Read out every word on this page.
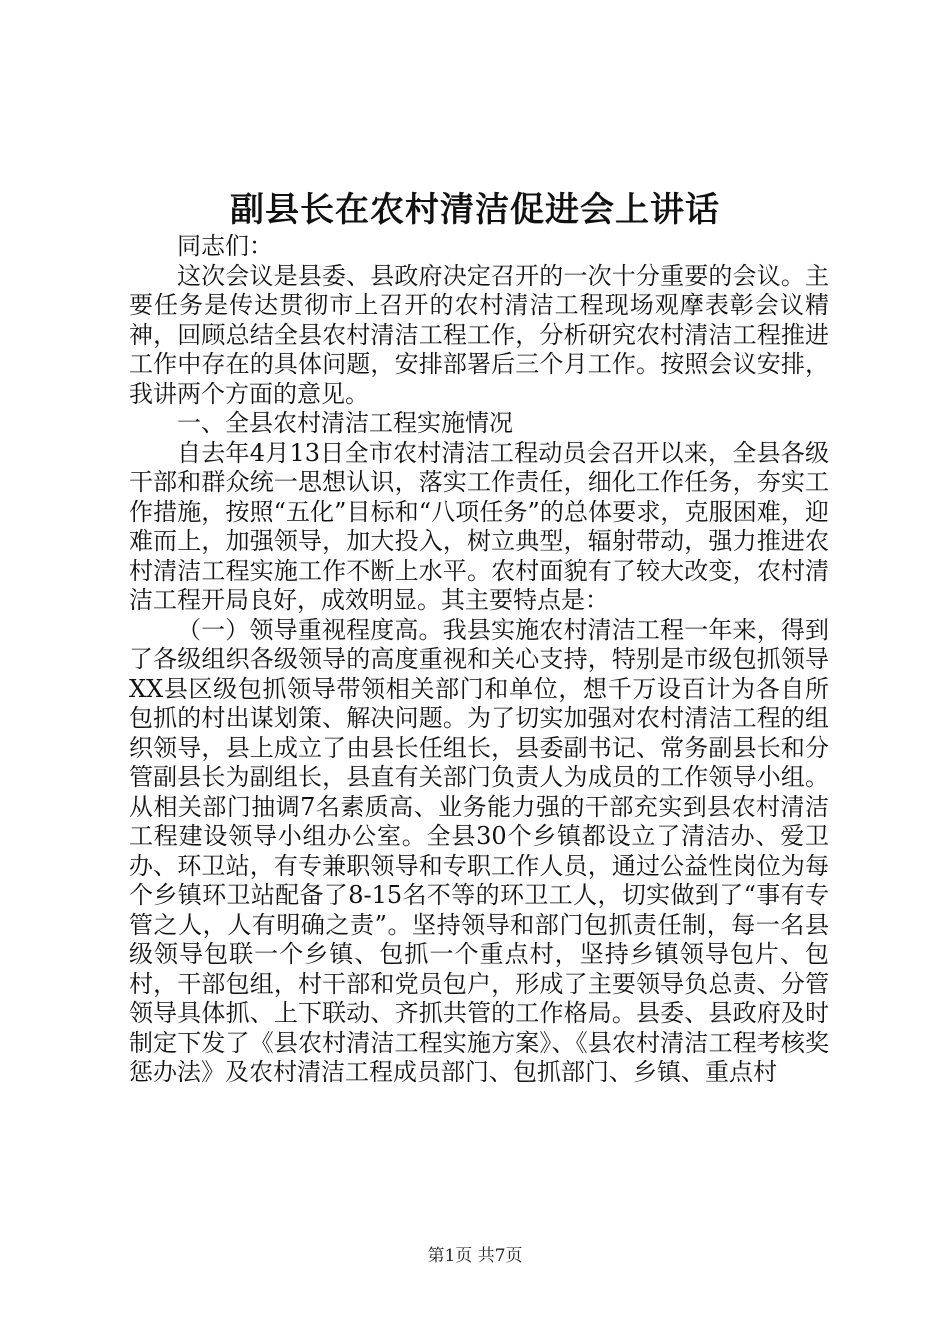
副县长在农村清洁促进会上讲话

同志们：

这次会议是县委、县政府决定召开的一次十分重要的会议。主要任务是传达贯彻市上召开的农村清洁工程现场观摩表彰会议精神，回顾总结全县农村清洁工程工作，分析研究农村清洁工程推进工作中存在的具体问题，安排部署后三个月工作。按照会议安排，我讲两个方面的意见。

一、全县农村清洁工程实施情况

自去年4月13日全市农村清洁工程动员会召开以来，全县各级干部和群众统一思想认识，落实工作责任，细化工作任务，夯实工作措施，按照“五化”目标和“八项任务”的总体要求，克服困难，迎难而上，加强领导，加大投入，树立典型，辐射带动，强力推进农村清洁工程实施工作不断上水平。农村面貌有了较大改变，农村清洁工程开局良好，成效明显。其主要特点是：

（一）领导重视程度高。我县实施农村清洁工程一年来，得到了各级组织各级领导的高度重视和关心支持，特别是市级包抓领导XX县区级包抓领导带领相关部门和单位，想千万设百计为各自所包抓的村出谋划策、解决问题。为了切实加强对农村清洁工程的组织领导，县上成立了由县长任组长，县委副书记、常务副县长和分管副县长为副组长，县直有关部门负责人为成员的工作领导小组。从相关部门抽调7名素质高、业务能力强的干部充实到县农村清洁工程建设领导小组办公室。全县30个乡镇都设立了清洁办、爱卫办、环卫站，有专兼职领导和专职工作人员，通过公益性岗位为每个乡镇环卫站配备了8-15名不等的环卫工人，切实做到了“事有专管之人，人有明确之责”。坚持领导和部门包抓责任制，每一名县级领导包联一个乡镇、包抓一个重点村，坚持乡镇领导包片、包村，干部包组，村干部和党员包户，形成了主要领导负总责、分管领导具体抓、上下联动、齐抓共管的工作格局。县委、县政府及时制定下发了《县农村清洁工程实施方案》、《县农村清洁工程考核奖惩办法》及农村清洁工程成员部门、包抓部门、乡镇、重点村

第1页 共7页
